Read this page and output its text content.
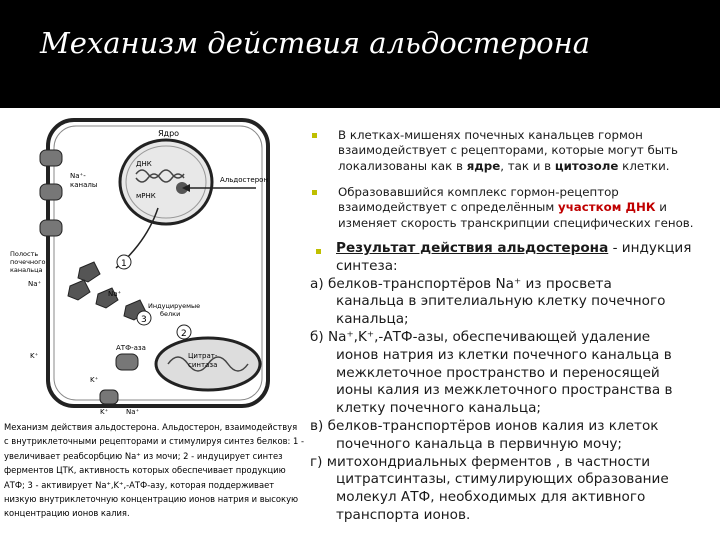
Механизм действия альдостерона
1
3
2
Ядро
ДНК
мРНК
Альдостерон
Na⁺-
каналы
Полость
почечного
канальца
Na⁺
Na⁺
Индуцируемые
белки
АТФ-аза
Цитрат-
синтаза
K⁺
K⁺
Na⁺
K⁺
Механизм действия альдостерона. Альдостерон, взаимодействуя с внутриклеточными рецепторами и стимулируя синтез белков: 1 - увеличивает реабсорбцию Na⁺ из мочи; 2 - индуцирует синтез ферментов ЦТК, активность которых обеспечивает продукцию АТФ; 3 - активирует Na⁺,K⁺,-АТФ-азу, которая поддерживает низкую внутриклеточную концентрацию ионов натрия и высокую концентрацию ионов калия.
В клетках-мишенях почечных канальцев гормон взаимодействует с рецепторами, которые могут быть локализованы как в ядре, так и в цитозоле клетки.
Образовавшийся комплекс гормон-рецептор взаимодействует с определённым участком ДНК и изменяет скорость транскрипции специфических генов.
Результат действия альдостерона - индукция
синтеза:
а) белков-транспортёров Na⁺ из просвета
канальца в эпителиальную клетку почечного
канальца;
б) Na⁺,K⁺,-АТФ-азы, обеспечивающей удаление
ионов натрия из клетки почечного канальца в
межклеточное пространство и переносящей
ионы калия из межклеточного пространства в
клетку почечного канальца;
в) белков-транспортёров ионов калия из клеток
почечного канальца в первичную мочу;
г) митохондриальных ферментов , в частности
цитратсинтазы, стимулирующих образование
молекул АТФ, необходимых для активного
транспорта ионов.
